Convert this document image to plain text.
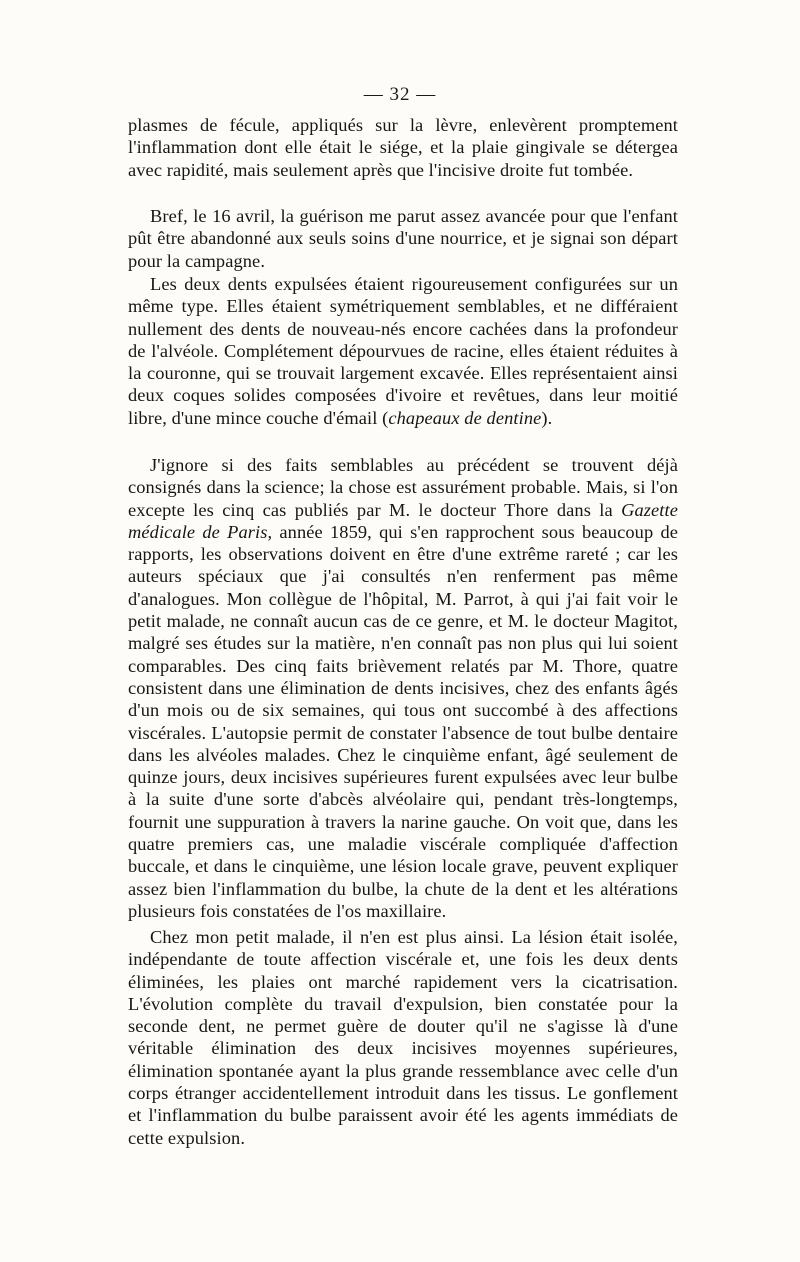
— 32 —

plasmes de fécule, appliqués sur la lèvre, enlevèrent promptement l'inflammation dont elle était le siége, et la plaie gingivale se détergea avec rapidité, mais seulement après que l'incisive droite fut tombée.

Bref, le 16 avril, la guérison me parut assez avancée pour que l'enfant pût être abandonné aux seuls soins d'une nourrice, et je signai son départ pour la campagne.

Les deux dents expulsées étaient rigoureusement configurées sur un même type. Elles étaient symétriquement semblables, et ne différaient nullement des dents de nouveau-nés encore cachées dans la profondeur de l'alvéole. Complétement dépourvues de racine, elles étaient réduites à la couronne, qui se trouvait largement excavée. Elles représentaient ainsi deux coques solides composées d'ivoire et revêtues, dans leur moitié libre, d'une mince couche d'émail (chapeaux de dentine).

J'ignore si des faits semblables au précédent se trouvent déjà consignés dans la science; la chose est assurément probable. Mais, si l'on excepte les cinq cas publiés par M. le docteur Thore dans la Gazette médicale de Paris, année 1859, qui s'en rapprochent sous beaucoup de rapports, les observations doivent en être d'une extrême rareté ; car les auteurs spéciaux que j'ai consultés n'en renferment pas même d'analogues. Mon collègue de l'hôpital, M. Parrot, à qui j'ai fait voir le petit malade, ne connaît aucun cas de ce genre, et M. le docteur Magitot, malgré ses études sur la matière, n'en connaît pas non plus qui lui soient comparables. Des cinq faits brièvement relatés par M. Thore, quatre consistent dans une élimination de dents incisives, chez des enfants âgés d'un mois ou de six semaines, qui tous ont succombé à des affections viscérales. L'autopsie permit de constater l'absence de tout bulbe dentaire dans les alvéoles malades. Chez le cinquième enfant, âgé seulement de quinze jours, deux incisives supérieures furent expulsées avec leur bulbe à la suite d'une sorte d'abcès alvéolaire qui, pendant très-longtemps, fournit une suppuration à travers la narine gauche. On voit que, dans les quatre premiers cas, une maladie viscérale compliquée d'affection buccale, et dans le cinquième, une lésion locale grave, peuvent expliquer assez bien l'inflammation du bulbe, la chute de la dent et les altérations plusieurs fois constatées de l'os maxillaire.

Chez mon petit malade, il n'en est plus ainsi. La lésion était isolée, indépendante de toute affection viscérale et, une fois les deux dents éliminées, les plaies ont marché rapidement vers la cicatrisation. L'évolution complète du travail d'expulsion, bien constatée pour la seconde dent, ne permet guère de douter qu'il ne s'agisse là d'une véritable élimination des deux incisives moyennes supérieures, élimination spontanée ayant la plus grande ressemblance avec celle d'un corps étranger accidentellement introduit dans les tissus. Le gonflement et l'inflammation du bulbe paraissent avoir été les agents immédiats de cette expulsion.
